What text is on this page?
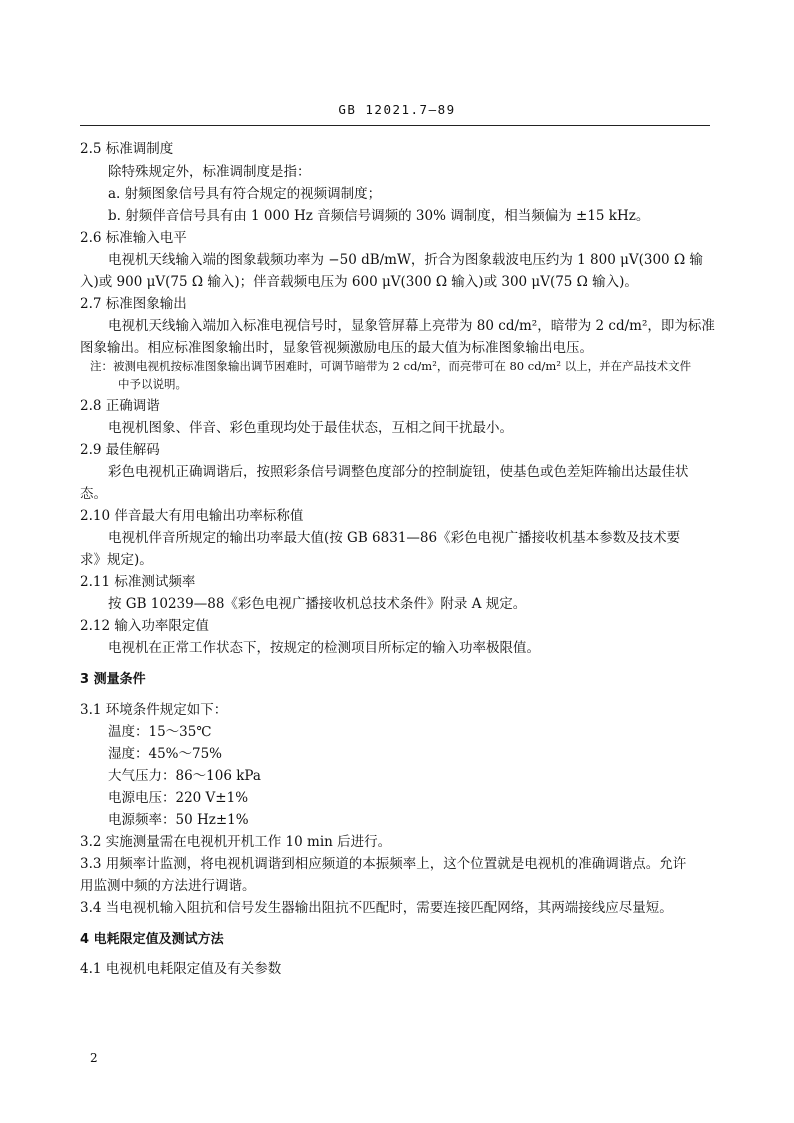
GB 12021.7—89
2.5 标准调制度
除特殊规定外，标准调制度是指：
a. 射频图象信号具有符合规定的视频调制度；
b. 射频伴音信号具有由 1 000 Hz 音频信号调频的 30% 调制度，相当频偏为 ±15 kHz。
2.6 标准输入电平
电视机天线输入端的图象载频功率为 −50 dB/mW，折合为图象载波电压约为 1 800 μV(300 Ω 输
入)或 900 μV(75 Ω 输入)；伴音载频电压为 600 μV(300 Ω 输入)或 300 μV(75 Ω 输入)。
2.7 标准图象输出
电视机天线输入端加入标准电视信号时，显象管屏幕上亮带为 80 cd/m²，暗带为 2 cd/m²，即为标准
图象输出。相应标准图象输出时，显象管视频激励电压的最大值为标准图象输出电压。
注：被测电视机按标准图象输出调节困难时，可调节暗带为 2 cd/m²，而亮带可在 80 cd/m² 以上，并在产品技术文件
中予以说明。
2.8 正确调谐
电视机图象、伴音、彩色重现均处于最佳状态，互相之间干扰最小。
2.9 最佳解码
彩色电视机正确调谐后，按照彩条信号调整色度部分的控制旋钮，使基色或色差矩阵输出达最佳状
态。
2.10 伴音最大有用电输出功率标称值
电视机伴音所规定的输出功率最大值(按 GB 6831—86《彩色电视广播接收机基本参数及技术要
求》规定)。
2.11 标准测试频率
按 GB 10239—88《彩色电视广播接收机总技术条件》附录 A 规定。
2.12 输入功率限定值
电视机在正常工作状态下，按规定的检测项目所标定的输入功率极限值。
3 测量条件
3.1 环境条件规定如下：
温度：15～35℃
湿度：45%～75%
大气压力：86～106 kPa
电源电压：220 V±1%
电源频率：50 Hz±1%
3.2 实施测量需在电视机开机工作 10 min 后进行。
3.3 用频率计监测，将电视机调谐到相应频道的本振频率上，这个位置就是电视机的准确调谐点。允许
用监测中频的方法进行调谐。
3.4 当电视机输入阻抗和信号发生器输出阻抗不匹配时，需要连接匹配网络，其两端接线应尽量短。
4 电耗限定值及测试方法
4.1 电视机电耗限定值及有关参数
2
